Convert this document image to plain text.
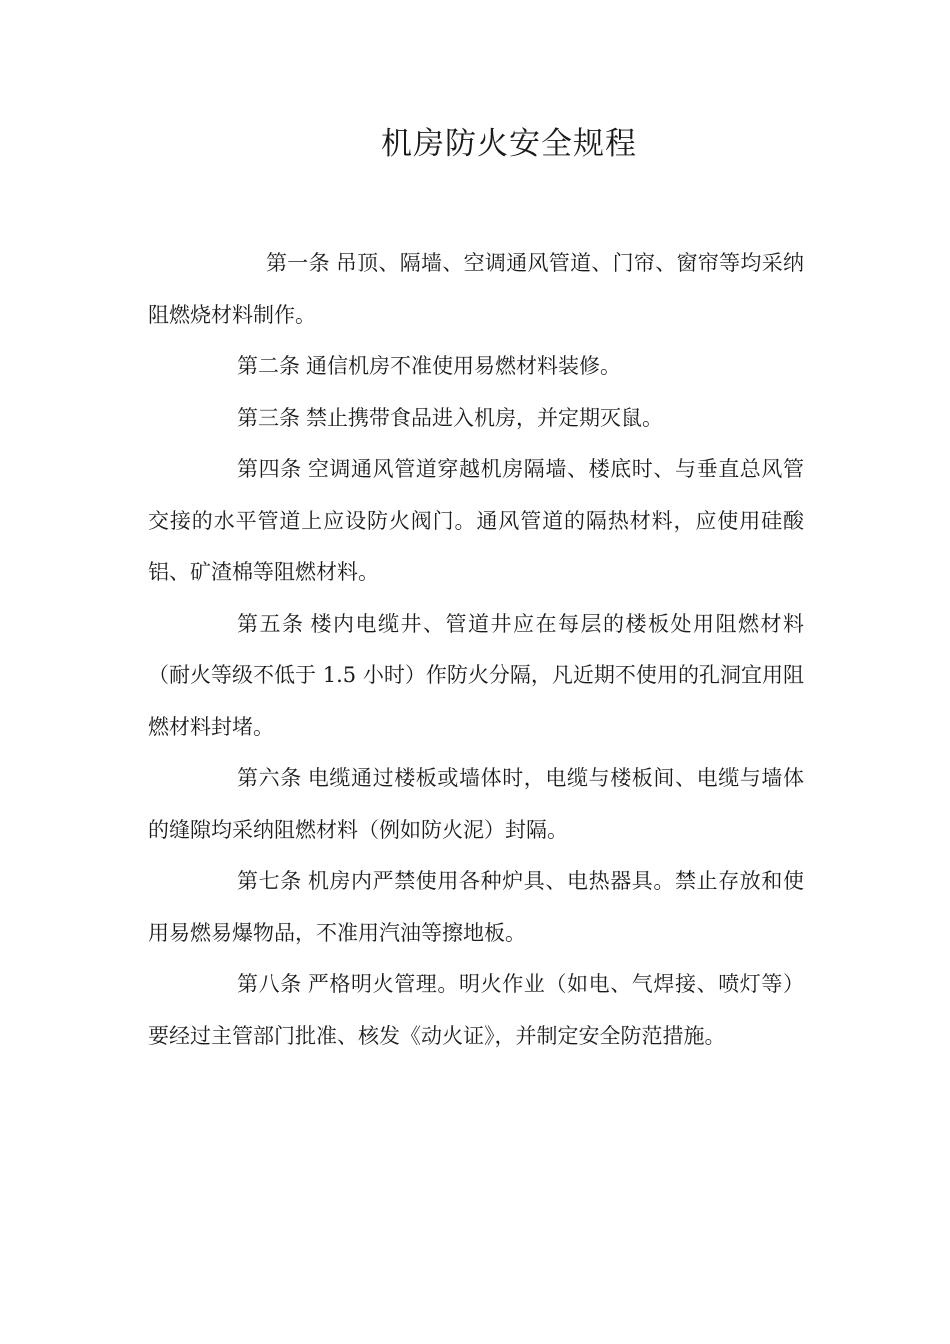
机房防火安全规程

第一条 吊顶、隔墙、空调通风管道、门帘、窗帘等均采纳阻燃烧材料制作。

第二条 通信机房不准使用易燃材料装修。

第三条 禁止携带食品进入机房，并定期灭鼠。

第四条 空调通风管道穿越机房隔墙、楼底时、与垂直总风管交接的水平管道上应设防火阀门。通风管道的隔热材料，应使用硅酸铝、矿渣棉等阻燃材料。

第五条 楼内电缆井、管道井应在每层的楼板处用阻燃材料（耐火等级不低于 1.5 小时）作防火分隔，凡近期不使用的孔洞宜用阻燃材料封堵。

第六条 电缆通过楼板或墙体时，电缆与楼板间、电缆与墙体的缝隙均采纳阻燃材料（例如防火泥）封隔。

第七条 机房内严禁使用各种炉具、电热器具。禁止存放和使用易燃易爆物品，不准用汽油等擦地板。

第八条 严格明火管理。明火作业（如电、气焊接、喷灯等）要经过主管部门批准、核发《动火证》，并制定安全防范措施。
